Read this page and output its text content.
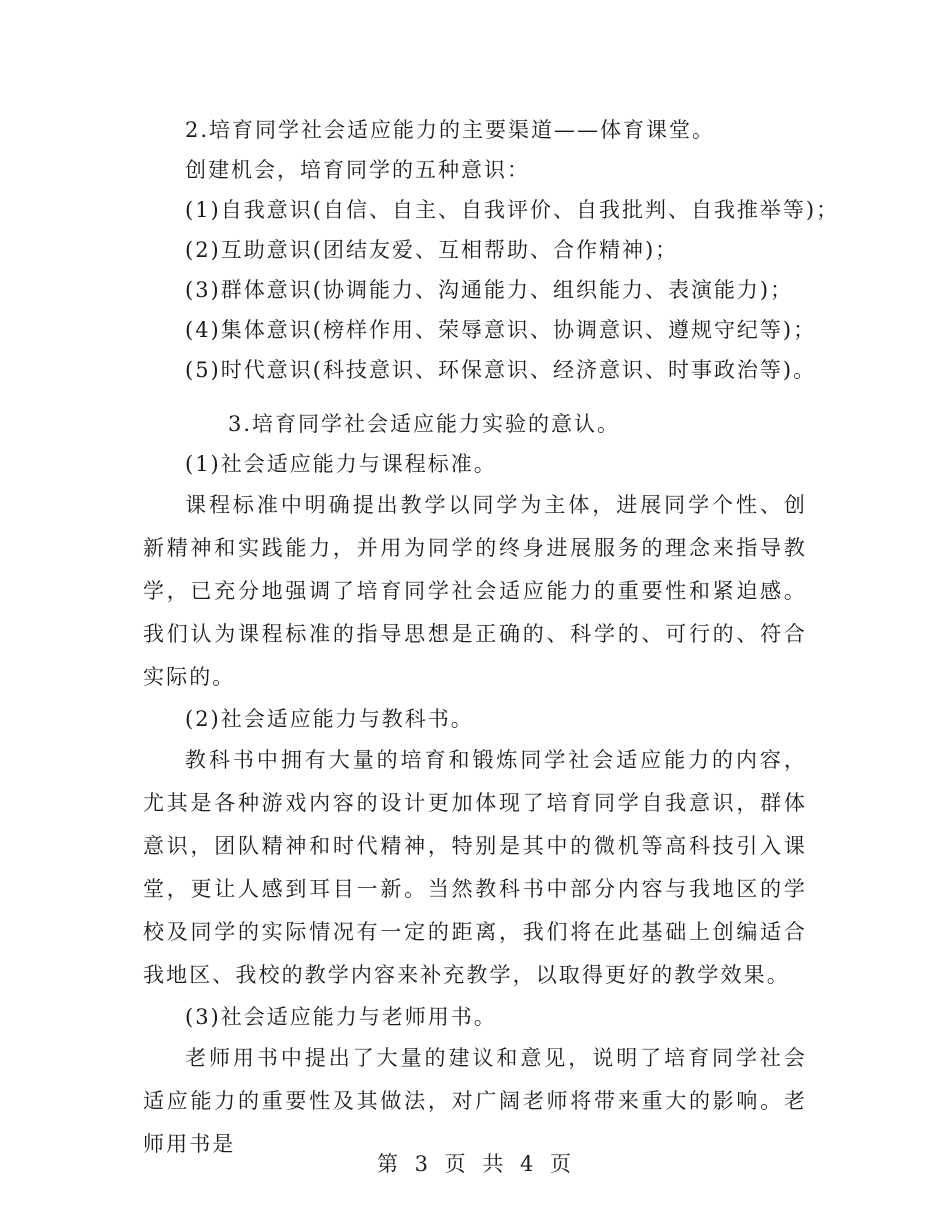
2.培育同学社会适应能力的主要渠道——体育课堂。
创建机会，培育同学的五种意识：
(1)自我意识(自信、自主、自我评价、自我批判、自我推举等)；
(2)互助意识(团结友爱、互相帮助、合作精神)；
(3)群体意识(协调能力、沟通能力、组织能力、表演能力)；
(4)集体意识(榜样作用、荣辱意识、协调意识、遵规守纪等)；
(5)时代意识(科技意识、环保意识、经济意识、时事政治等)。
3.培育同学社会适应能力实验的意认。
(1)社会适应能力与课程标准。
课程标准中明确提出教学以同学为主体，进展同学个性、创新精神和实践能力，并用为同学的终身进展服务的理念来指导教学，已充分地强调了培育同学社会适应能力的重要性和紧迫感。我们认为课程标准的指导思想是正确的、科学的、可行的、符合实际的。
(2)社会适应能力与教科书。
教科书中拥有大量的培育和锻炼同学社会适应能力的内容，尤其是各种游戏内容的设计更加体现了培育同学自我意识，群体意识，团队精神和时代精神，特别是其中的微机等高科技引入课堂，更让人感到耳目一新。当然教科书中部分内容与我地区的学校及同学的实际情况有一定的距离，我们将在此基础上创编适合我地区、我校的教学内容来补充教学，以取得更好的教学效果。
(3)社会适应能力与老师用书。
老师用书中提出了大量的建议和意见，说明了培育同学社会适应能力的重要性及其做法，对广阔老师将带来重大的影响。老师用书是
第 3 页 共 4 页
